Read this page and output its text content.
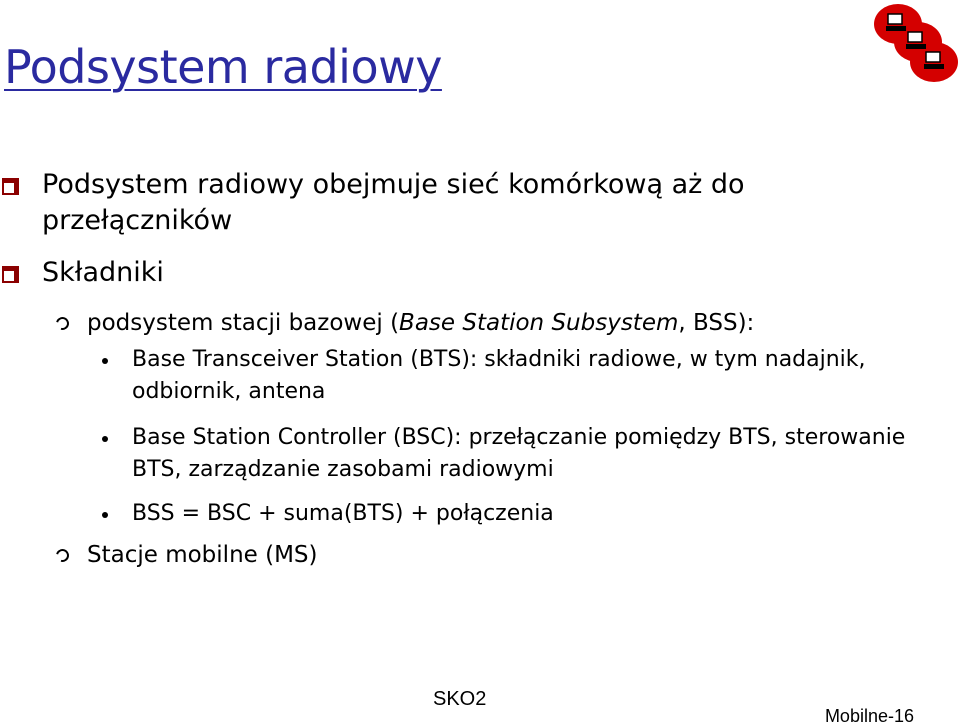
Podsystem radiowy
Podsystem radiowy obejmuje sieć komórkową aż do przełączników
Składniki
podsystem stacji bazowej (Base Station Subsystem, BSS):
Base Transceiver Station (BTS): składniki radiowe, w tym nadajnik, odbiornik, antena
Base Station Controller (BSC): przełączanie pomiędzy BTS, sterowanie BTS, zarządzanie zasobami radiowymi
BSS = BSC + suma(BTS) + połączenia
Stacje mobilne (MS)
SKO2
Mobilne-16
